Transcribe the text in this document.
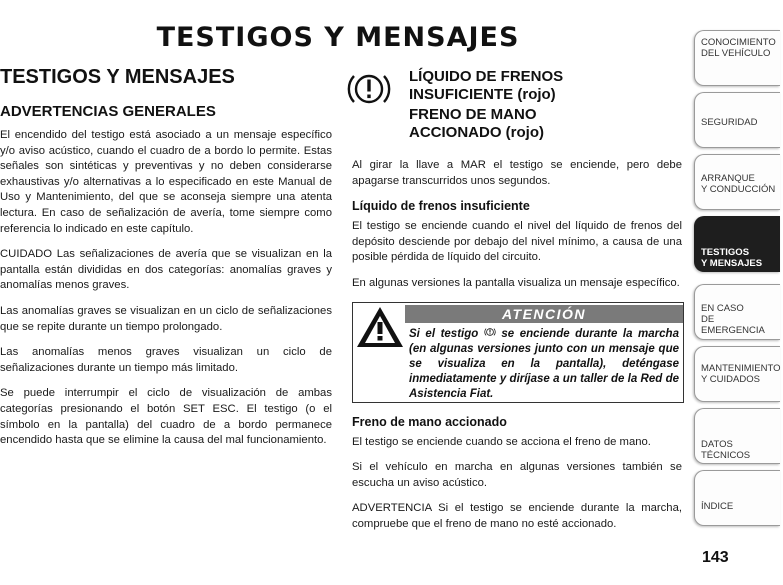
TESTIGOS Y MENSAJES
TESTIGOS Y MENSAJES
ADVERTENCIAS GENERALES

El encendido del testigo está asociado a un mensaje específico y/o aviso acústico, cuando el cuadro de a bordo lo permite. Estas señales son sintéticas y preventivas y no deben considerarse exhaustivas y/o alternativas a lo especificado en este Manual de Uso y Mantenimiento, del que se aconseja siempre una atenta lectura. En caso de señalización de avería, tome siempre como referencia lo indicado en este capítulo.

CUIDADO Las señalizaciones de avería que se visualizan en la pantalla están divididas en dos categorías: anomalías graves y anomalías menos graves.

Las anomalías graves se visualizan en un ciclo de señalizaciones que se repite durante un tiempo prolongado.

Las anomalías menos graves visualizan un ciclo de señalizaciones durante un tiempo más limitado.

Se puede interrumpir el ciclo de visualización de ambas categorías presionando el botón SET ESC. El testigo (o el símbolo en la pantalla) del cuadro de a bordo permanece encendido hasta que se elimine la causa del mal funcionamiento.

LÍQUIDO DE FRENOS
INSUFICIENTE (rojo)
FRENO DE MANO
ACCIONADO (rojo)

Al girar la llave a MAR el testigo se enciende, pero debe apagarse transcurridos unos segundos.

Líquido de frenos insuficiente

El testigo se enciende cuando el nivel del líquido de frenos del depósito desciende por debajo del nivel mínimo, a causa de una posible pérdida de líquido del circuito.

En algunas versiones la pantalla visualiza un mensaje específico.

ATENCIÓN
Si el testigo se enciende durante la marcha (en algunas versiones junto con un mensaje que se visualiza en la pantalla), deténgase inmediatamente y diríjase a un taller de la Red de Asistencia Fiat.
Freno de mano accionado

El testigo se enciende cuando se acciona el freno de mano.

Si el vehículo en marcha en algunas versiones también se escucha un aviso acústico.

ADVERTENCIA Si el testigo se enciende durante la marcha, compruebe que el freno de mano no esté accionado.

CONOCIMIENTO
DEL VEHÍCULO
SEGURIDAD
ARRANQUE
Y CONDUCCIÓN
TESTIGOS
Y MENSAJES
EN CASO
DE EMERGENCIA
MANTENIMIENTO
Y CUIDADOS
DATOS TÉCNICOS
ÍNDICE
143
